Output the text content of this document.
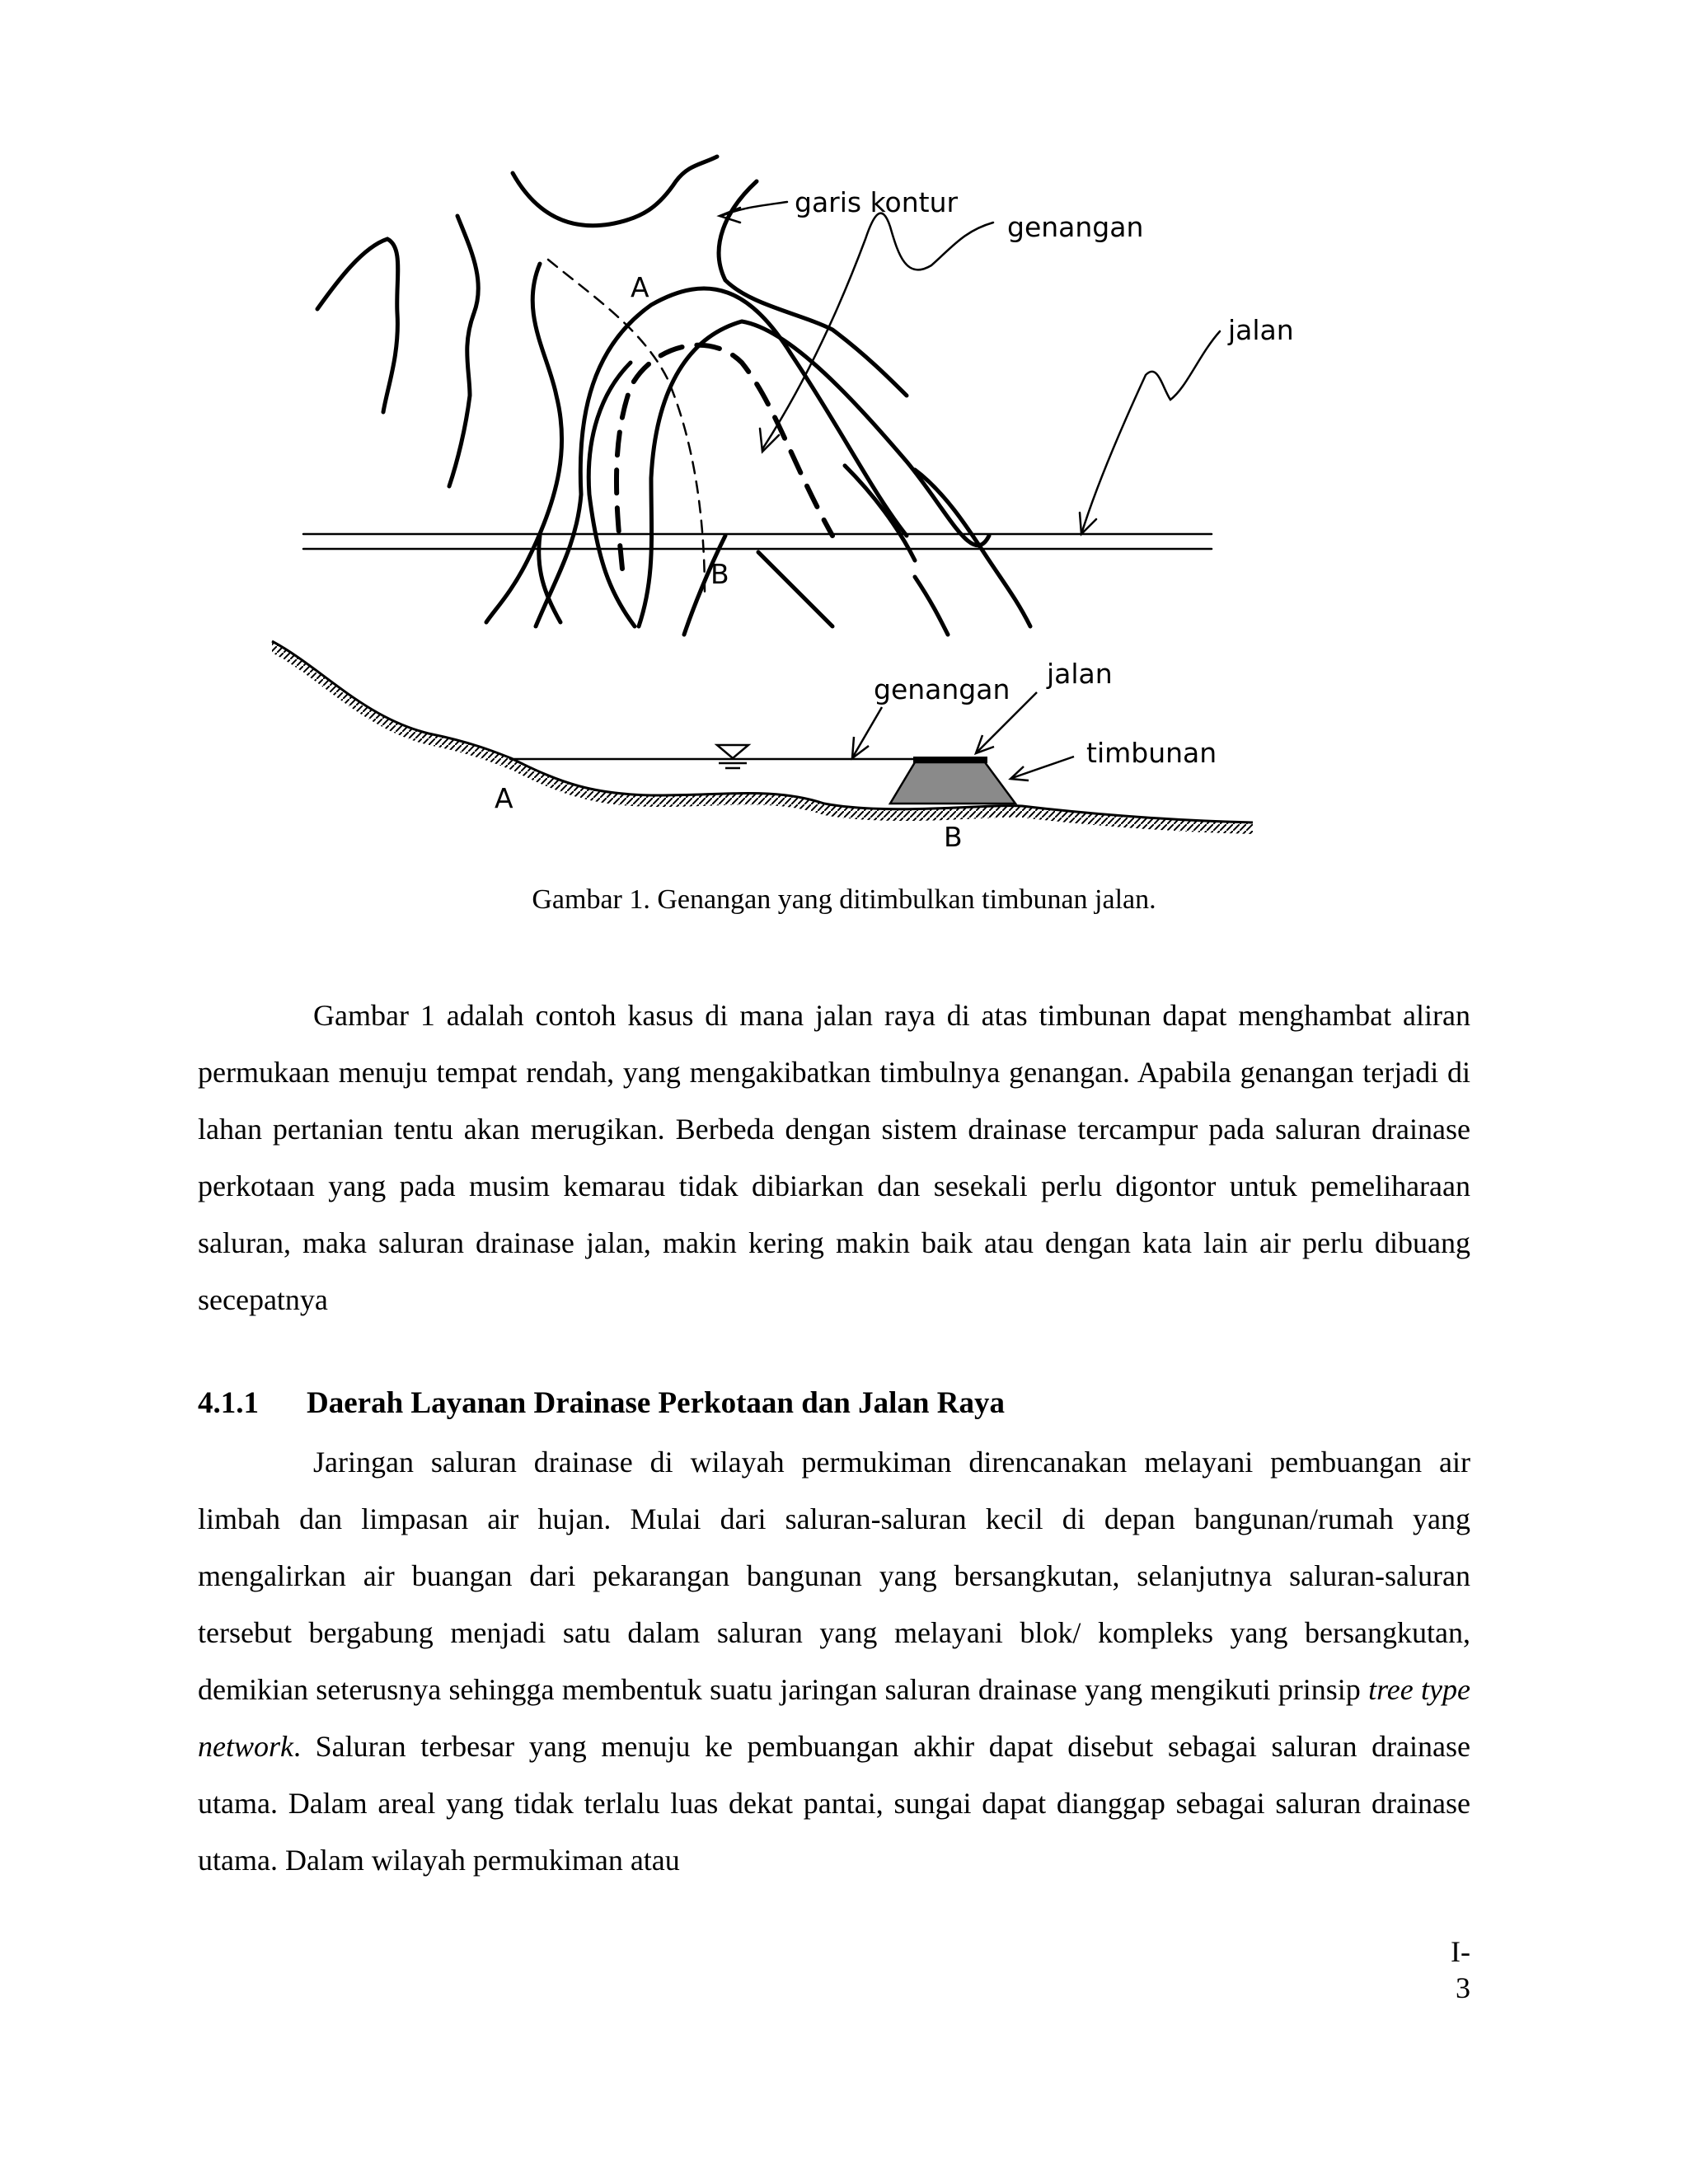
garis kontur
genangan
jalan
A
B
genangan jalan
timbunan
A
B
Gambar 1. Genangan yang ditimbulkan timbunan jalan.

Gambar 1 adalah contoh kasus di mana jalan raya di atas timbunan dapat menghambat aliran permukaan menuju tempat rendah, yang mengakibatkan timbulnya genangan. Apabila genangan terjadi di lahan pertanian tentu akan merugikan. Berbeda dengan sistem drainase tercampur pada saluran drainase perkotaan yang pada musim kemarau tidak dibiarkan dan sesekali perlu digontor untuk pemeliharaan saluran, maka saluran drainase jalan, makin kering makin baik atau dengan kata lain air perlu dibuang secepatnya

4.1.1 Daerah Layanan Drainase Perkotaan dan Jalan Raya

Jaringan saluran drainase di wilayah permukiman direncanakan melayani pembuangan air limbah dan limpasan air hujan. Mulai dari saluran-saluran kecil di depan bangunan/rumah yang mengalirkan air buangan dari pekarangan bangunan yang bersangkutan, selanjutnya saluran-saluran tersebut bergabung menjadi satu dalam saluran yang melayani blok/ kompleks yang bersangkutan, demikian seterusnya sehingga membentuk suatu jaringan saluran drainase yang mengikuti prinsip tree type network. Saluran terbesar yang menuju ke pembuangan akhir dapat disebut sebagai saluran drainase utama. Dalam areal yang tidak terlalu luas dekat pantai, sungai dapat dianggap sebagai saluran drainase utama. Dalam wilayah permukiman atau

I-3
